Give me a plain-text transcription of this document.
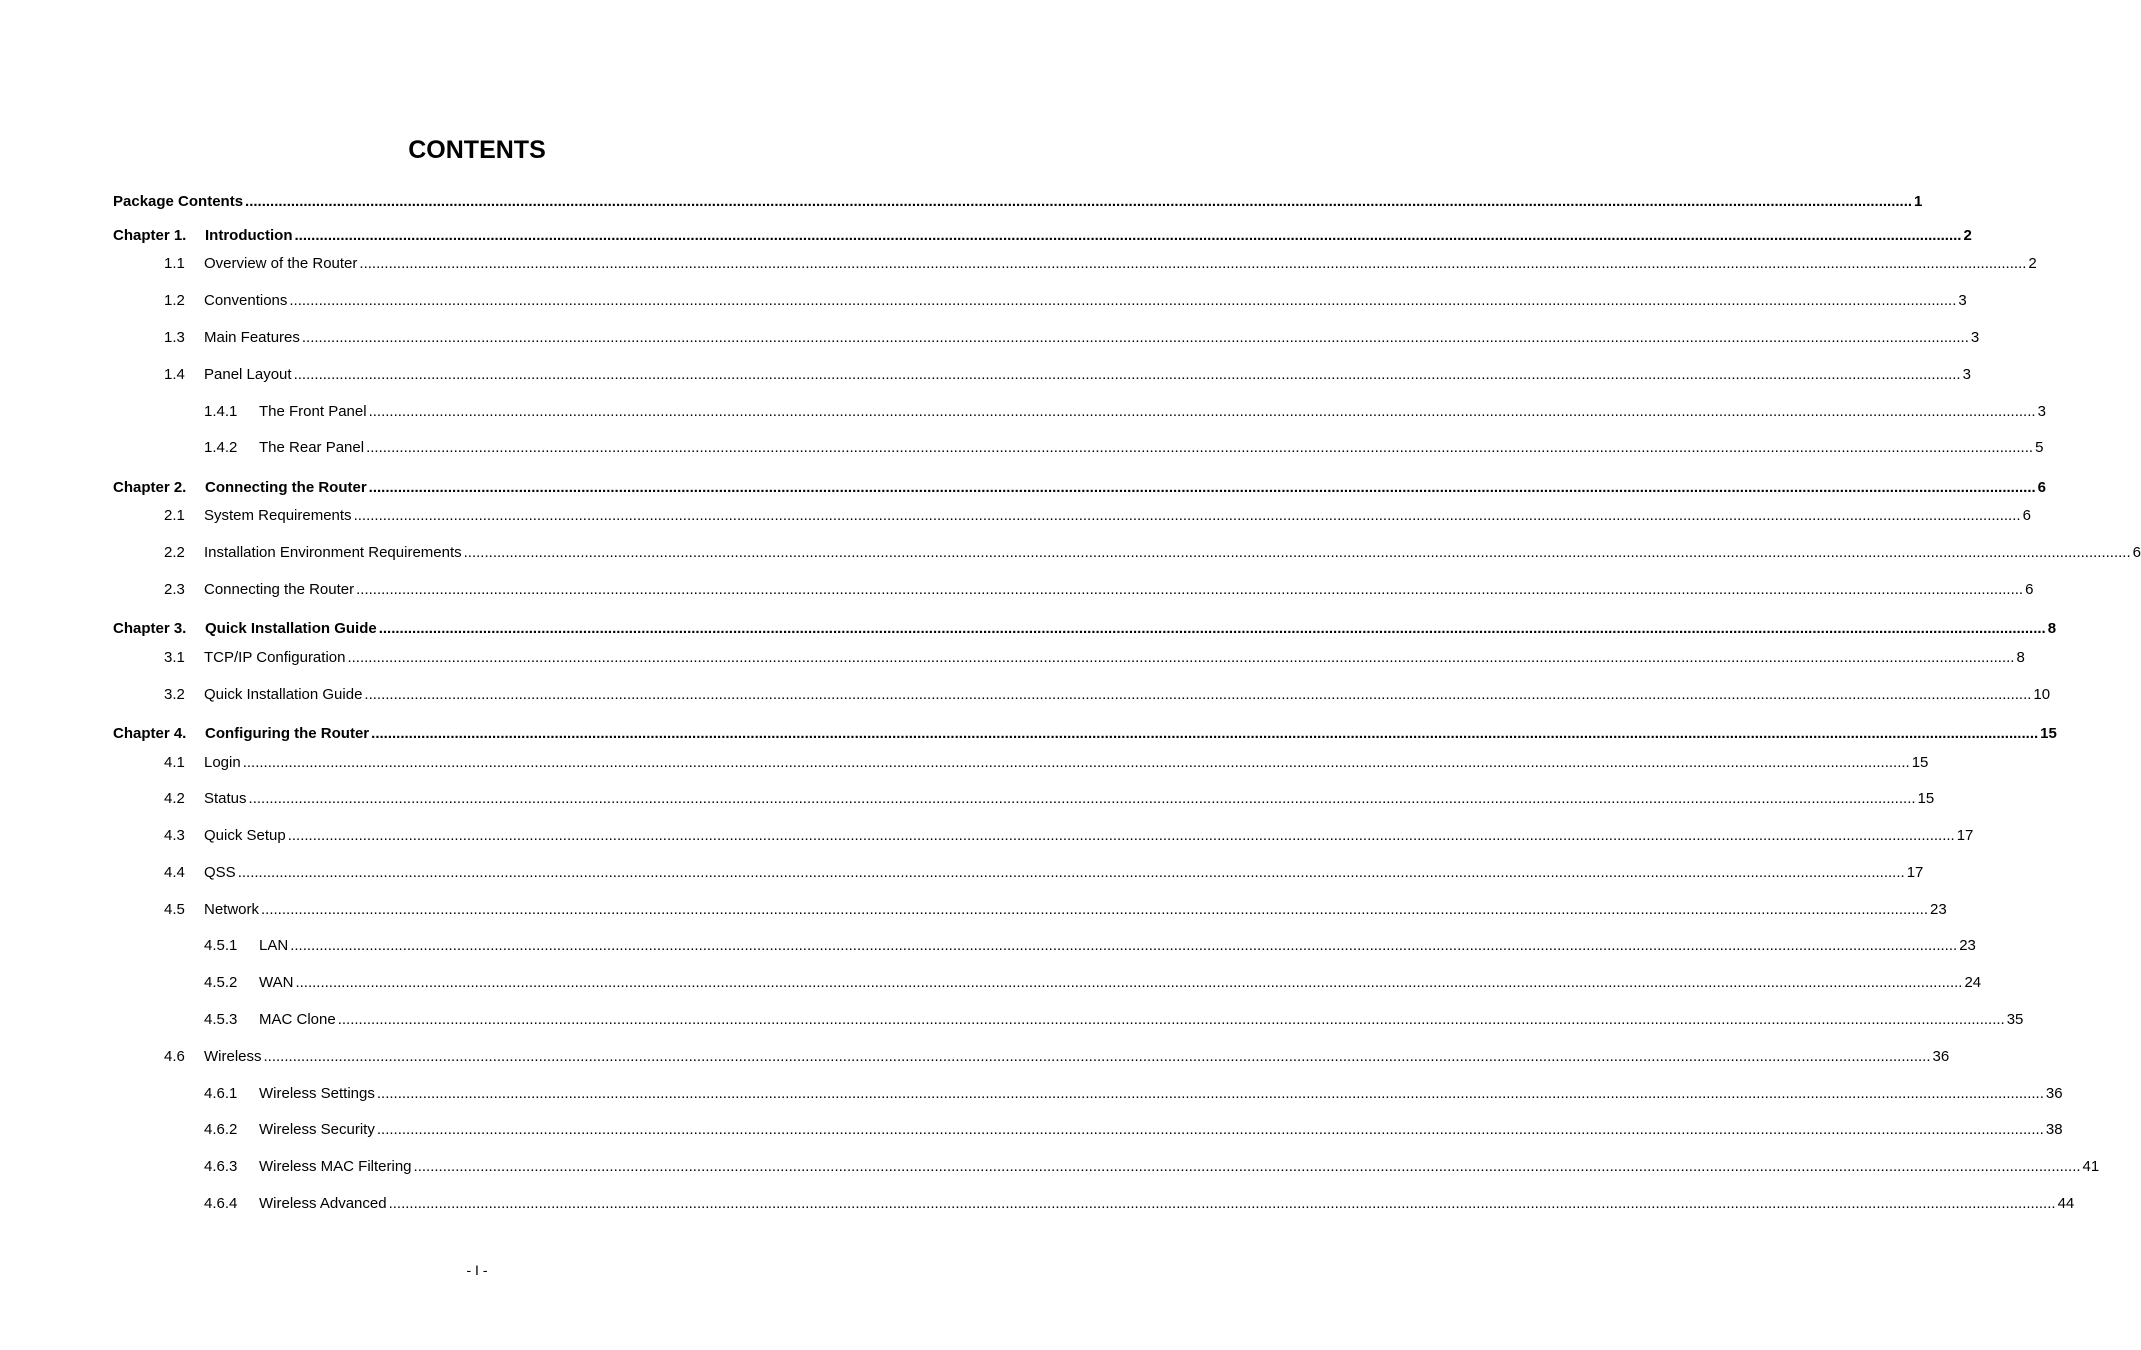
CONTENTS
Package Contents ................................................................................................................................................................................................................................................................................................................................................................................................................ 1
Chapter 1. Introduction ................................................................................................................................................................................................................................................................................................................................................................................................................ 2
1.1 Overview of the Router ................................................................................................................................................................................................................................................................................................................................................................................................................ 2
1.2 Conventions ................................................................................................................................................................................................................................................................................................................................................................................................................ 3
1.3 Main Features ................................................................................................................................................................................................................................................................................................................................................................................................................ 3
1.4 Panel Layout ................................................................................................................................................................................................................................................................................................................................................................................................................ 3
1.4.1 The Front Panel ................................................................................................................................................................................................................................................................................................................................................................................................................ 3
1.4.2 The Rear Panel ................................................................................................................................................................................................................................................................................................................................................................................................................ 5
Chapter 2. Connecting the Router ................................................................................................................................................................................................................................................................................................................................................................................................................ 6
2.1 System Requirements ................................................................................................................................................................................................................................................................................................................................................................................................................ 6
2.2 Installation Environment Requirements ................................................................................................................................................................................................................................................................................................................................................................................................................ 6
2.3 Connecting the Router ................................................................................................................................................................................................................................................................................................................................................................................................................ 6
Chapter 3. Quick Installation Guide ................................................................................................................................................................................................................................................................................................................................................................................................................ 8
3.1 TCP/IP Configuration ................................................................................................................................................................................................................................................................................................................................................................................................................ 8
3.2 Quick Installation Guide ................................................................................................................................................................................................................................................................................................................................................................................................................ 10
Chapter 4. Configuring the Router ................................................................................................................................................................................................................................................................................................................................................................................................................ 15
4.1 Login ................................................................................................................................................................................................................................................................................................................................................................................................................ 15
4.2 Status ................................................................................................................................................................................................................................................................................................................................................................................................................ 15
4.3 Quick Setup ................................................................................................................................................................................................................................................................................................................................................................................................................ 17
4.4 QSS ................................................................................................................................................................................................................................................................................................................................................................................................................ 17
4.5 Network ................................................................................................................................................................................................................................................................................................................................................................................................................ 23
4.5.1 LAN ................................................................................................................................................................................................................................................................................................................................................................................................................ 23
4.5.2 WAN ................................................................................................................................................................................................................................................................................................................................................................................................................ 24
4.5.3 MAC Clone ................................................................................................................................................................................................................................................................................................................................................................................................................ 35
4.6 Wireless ................................................................................................................................................................................................................................................................................................................................................................................................................ 36
4.6.1 Wireless Settings ................................................................................................................................................................................................................................................................................................................................................................................................................ 36
4.6.2 Wireless Security ................................................................................................................................................................................................................................................................................................................................................................................................................ 38
4.6.3 Wireless MAC Filtering ................................................................................................................................................................................................................................................................................................................................................................................................................ 41
4.6.4 Wireless Advanced ................................................................................................................................................................................................................................................................................................................................................................................................................ 44
- I -
